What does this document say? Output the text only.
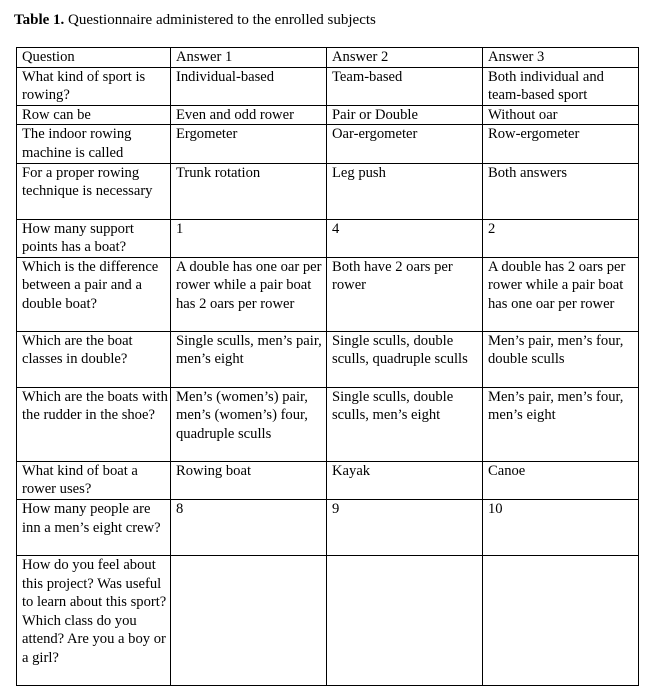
Table 1. Questionnaire administered to the enrolled subjects
Question	Answer 1	Answer 2	Answer 3
What kind of sport is rowing?	Individual-based	Team-based	Both individual and team-based sport
Row can be	Even and odd rower	Pair or Double	Without oar
The indoor rowing machine is called	Ergometer	Oar-ergometer	Row-ergometer
For a proper rowing technique is necessary	Trunk rotation	Leg push	Both answers
How many support points has a boat?	1	4	2
Which is the difference between a pair and a double boat?	A double has one oar per rower while a pair boat has 2 oars per rower	Both have 2 oars per rower	A double has 2 oars per rower while a pair boat has one oar per rower
Which are the boat classes in double?	Single sculls, men’s pair, men’s eight	Single sculls, double sculls, quadruple sculls	Men’s pair, men’s four, double sculls
Which are the boats with the rudder in the shoe?	Men’s (women’s) pair, men’s (women’s) four, quadruple sculls	Single sculls, double sculls, men’s eight	Men’s pair, men’s four, men’s eight
What kind of boat a rower uses?	Rowing boat	Kayak	Canoe
How many people are inn a men’s eight crew?	8	9	10
How do you feel about this project? Was useful to learn about this sport? Which class do you attend? Are you a boy or a girl?			
